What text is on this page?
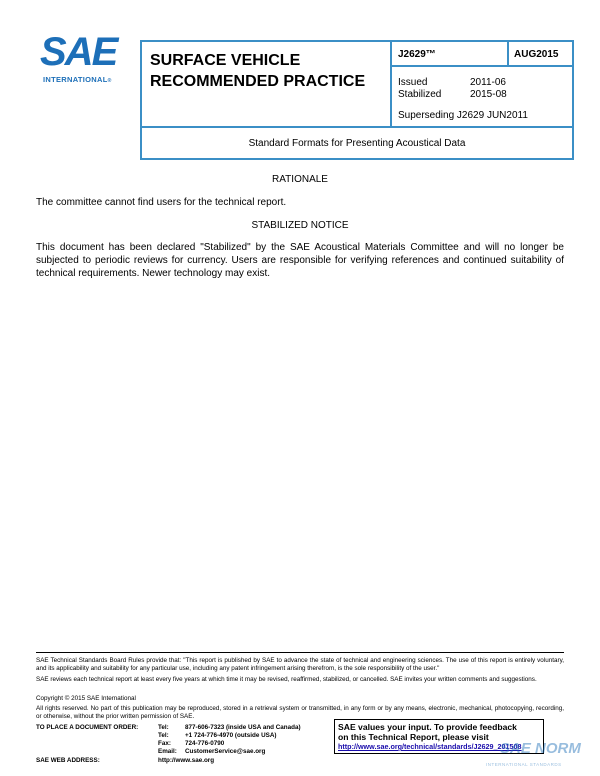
SAE
INTERNATIONAL®
SURFACE VEHICLE
RECOMMENDED PRACTICE
J2629™	AUG2015
Issued	2011-06
Stabilized	2015-08
Superseding J2629 JUN2011
Standard Formats for Presenting Acoustical Data
RATIONALE
The committee cannot find users for the technical report.
STABILIZED NOTICE
This document has been declared "Stabilized" by the SAE Acoustical Materials Committee and will no longer be subjected to periodic reviews for currency. Users are responsible for verifying references and continued suitability of technical requirements. Newer technology may exist.
SAE Technical Standards Board Rules provide that: "This report is published by SAE to advance the state of technical and engineering sciences. The use of this report is entirely voluntary, and its applicability and suitability for any particular use, including any patent infringement arising therefrom, is the sole responsibility of the user."
SAE reviews each technical report at least every five years at which time it may be revised, reaffirmed, stabilized, or cancelled. SAE invites your written comments and suggestions.
Copyright © 2015 SAE International
All rights reserved. No part of this publication may be reproduced, stored in a retrieval system or transmitted, in any form or by any means, electronic, mechanical, photocopying, recording, or otherwise, without the prior written permission of SAE.
TO PLACE A DOCUMENT ORDER:	Tel:	877-606-7323 (inside USA and Canada)
Tel:	+1 724-776-4970 (outside USA)
Fax:	724-776-0790
Email:	CustomerService@sae.org
SAE WEB ADDRESS:	http://www.sae.org
SAE values your input. To provide feedback
on this Technical Report, please visit
http://www.sae.org/technical/standards/J2629_201508
SAE NORM
INTERNATIONAL STANDARDS
